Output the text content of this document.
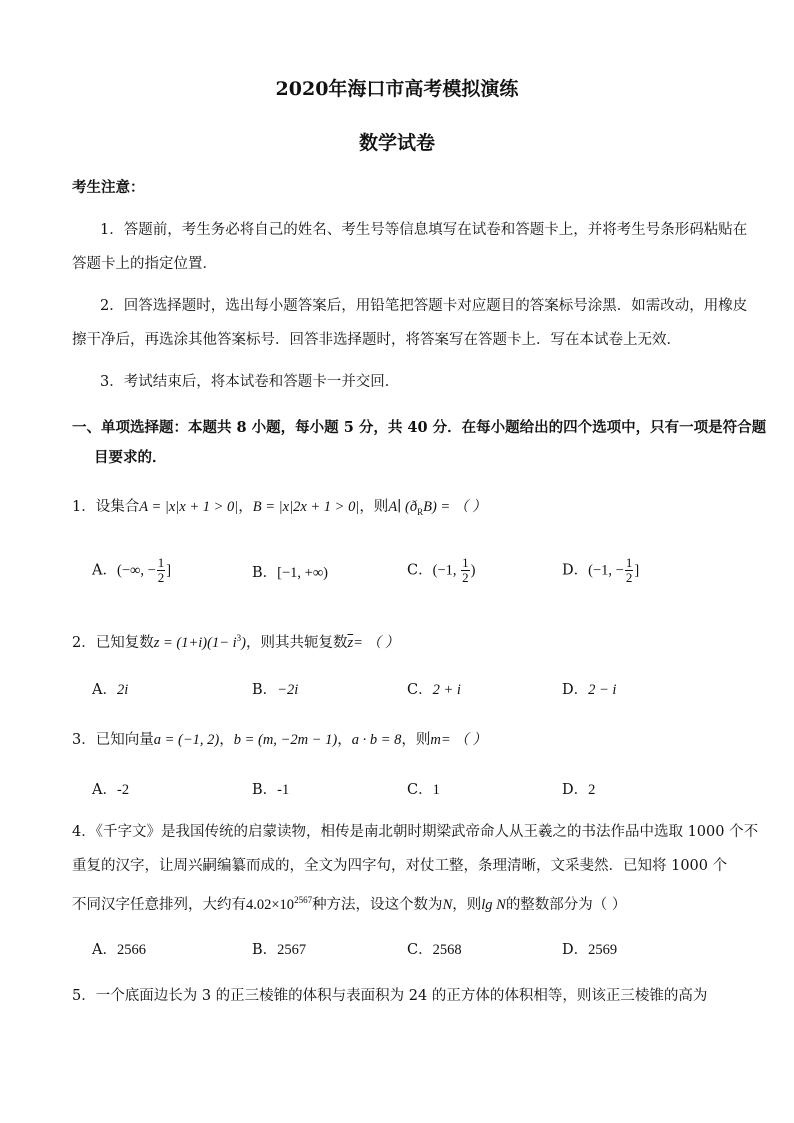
2020年海口市高考模拟演练
数学试卷
考生注意：
1．答题前，考生务必将自己的姓名、考生号等信息填写在试卷和答题卡上，并将考生号条形码粘贴在
答题卡上的指定位置．
2．回答选择题时，选出每小题答案后，用铅笔把答题卡对应题目的答案标号涂黑．如需改动，用橡皮
擦干净后，再选涂其他答案标号．回答非选择题时，将答案写在答题卡上．写在本试卷上无效．
3．考试结束后，将本试卷和答题卡一并交回．
一、单项选择题：本题共 8 小题，每小题 5 分，共 40 分．在每小题给出的四个选项中，只有一项是符合题
目要求的．
1．设集合A = |x|x + 1 > 0|，B = |x|2x + 1 > 0|，则A∣ $(ð_RB)$ = （ ）
A．(−∞, − $\frac{1}{2}$ ]	B．[−1, +∞)	C．(−1, $\frac{1}{2}$ )	D．(−1, − $\frac{1}{2}$ ]
2．已知复数$z = (1+i)(1- i^3)$，则其共轭复数$\overline{z}=$ （ ）
A．2i	B．−2i	C．2 + i	D．2 − i
3．已知向量a = (−1, 2)，b = (m, −2m − 1)，a · b = 8，则m= （ ）
A．-2	B．-1	C．1	D．2
4．《千字文》是我国传统的启蒙读物，相传是南北朝时期梁武帝命人从王羲之的书法作品中选取 1000 个不
重复的汉字，让周兴嗣编纂而成的，全文为四字句，对仗工整，条理清晰，文采斐然．已知将 1000 个
不同汉字任意排列，大约有$4.02\times 10^{2567}$种方法，设这个数为N，则lg N的整数部分为（ ）
A．2566	B．2567	C．2568	D．2569
5．一个底面边长为 3 的正三棱锥的体积与表面积为 24 的正方体的体积相等，则该正三棱锥的高为
